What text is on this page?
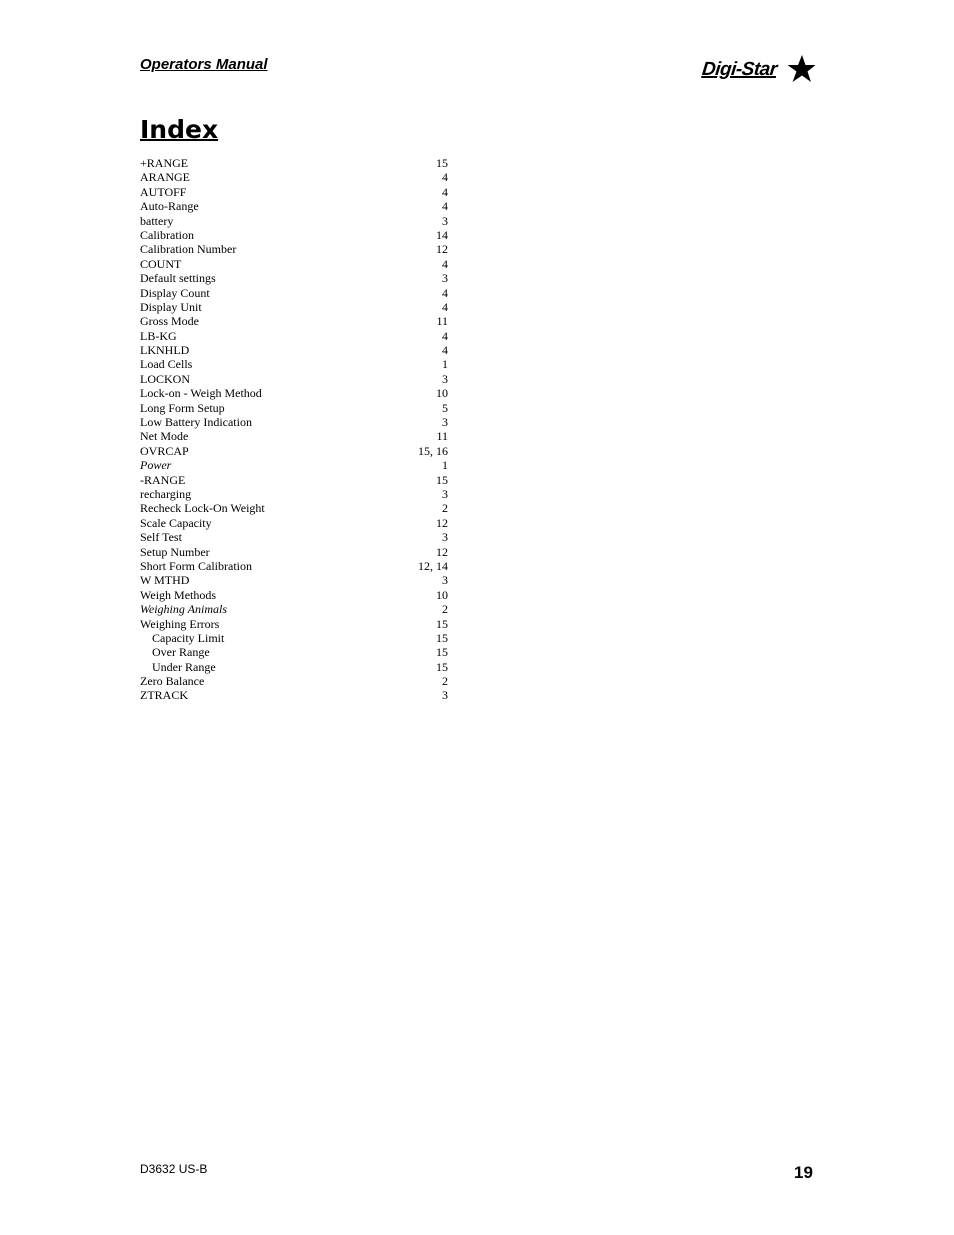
Operators Manual	Digi-Star
Index
+RANGE	15
ARANGE	4
AUTOFF	4
Auto-Range	4
battery	3
Calibration	14
Calibration Number	12
COUNT	4
Default settings	3
Display Count	4
Display Unit	4
Gross Mode	11
LB-KG	4
LKNHLD	4
Load Cells	1
LOCKON	3
Lock-on - Weigh Method	10
Long Form Setup	5
Low Battery Indication	3
Net Mode	11
OVRCAP	15, 16
Power	1
-RANGE	15
recharging	3
Recheck Lock-On Weight	2
Scale Capacity	12
Self Test	3
Setup Number	12
Short Form Calibration	12, 14
W MTHD	3
Weigh Methods	10
Weighing Animals	2
Weighing Errors	15
Capacity Limit	15
Over Range	15
Under Range	15
Zero Balance	2
ZTRACK	3
D3632 US-B	19
